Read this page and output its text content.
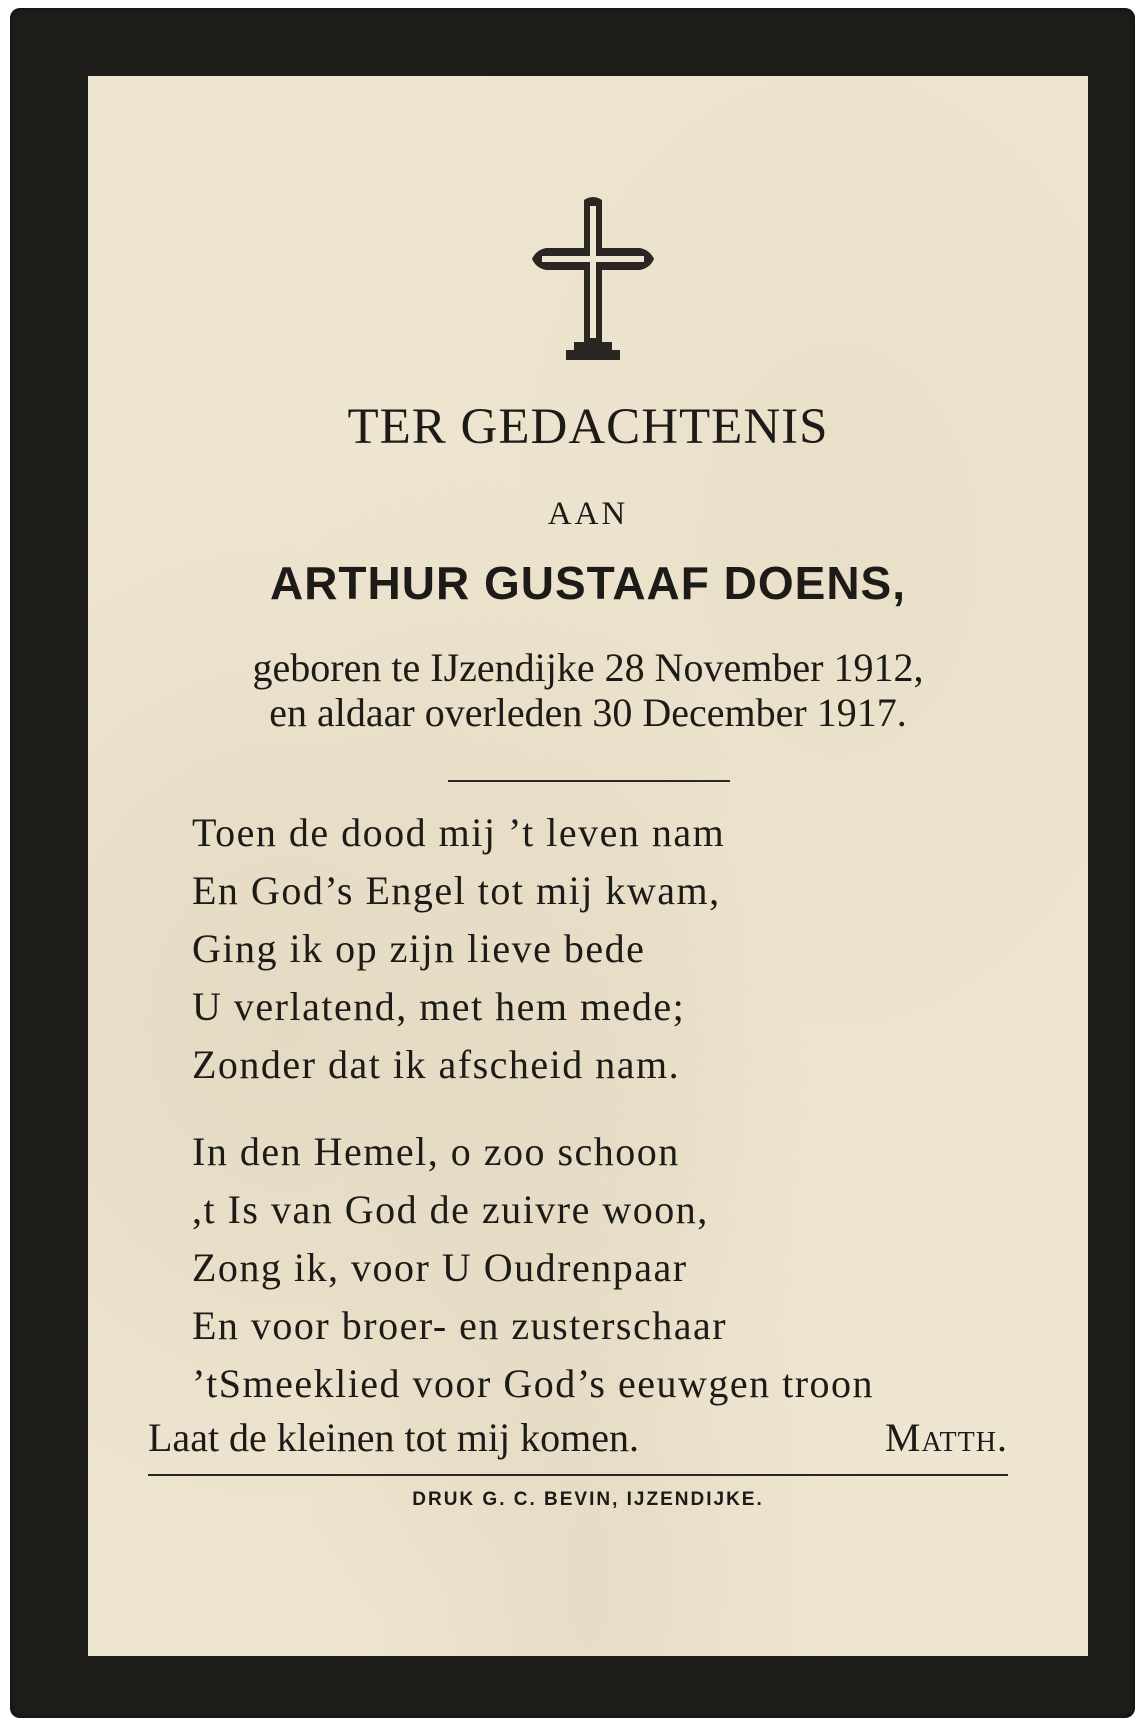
TER GEDACHTENIS
AAN
ARTHUR GUSTAAF DOENS,
geboren te IJzendijke 28 November 1912,
en aldaar overleden 30 December 1917.
Toen de dood mij ’t leven nam
En God’s Engel tot mij kwam,
Ging ik op zijn lieve bede
U verlatend, met hem mede;
Zonder dat ik afscheid nam.
In den Hemel, o zoo schoon
,t Is van God de zuivre woon,
Zong ik, voor U Oudrenpaar
En voor broer- en zusterschaar
’tSmeeklied voor God’s eeuwgen troon
Laat de kleinen tot mij komen.	Matth.
DRUK G. C. BEVIN, IJZENDIJKE.
